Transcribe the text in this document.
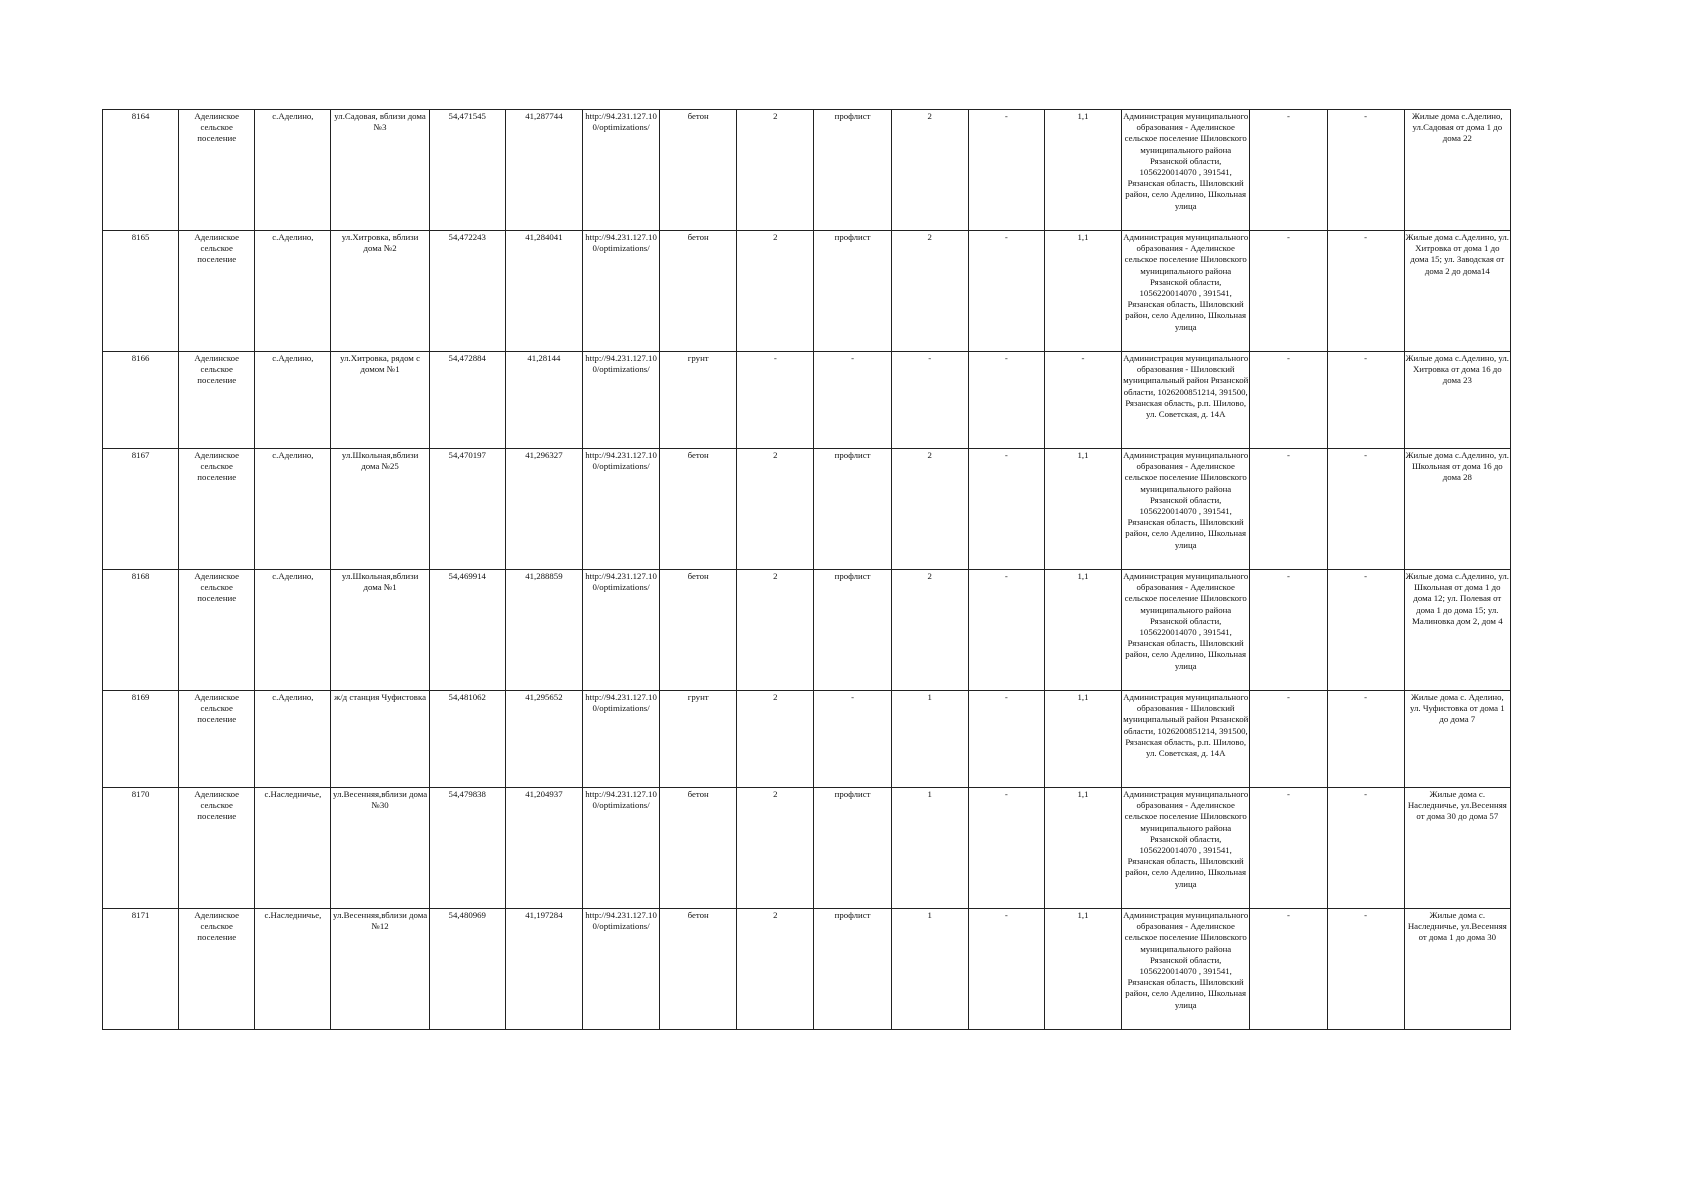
8164	Аделинское сельское поселение	с.Аделино,	ул.Садовая, вблизи дома №3	54,471545	41,287744	http://94.231.127.10 0/optimizations/	бетон	2	профлист	2	-	1,1	Администрация муниципального образования - Аделинское сельское поселение Шиловского муниципального района Рязанской области, 1056220014070 , 391541, Рязанская область, Шиловский район, село Аделино, Школьная улица	-	-	Жилые дома с.Аделино, ул.Садовая от дома 1 до дома 22
8165	Аделинское сельское поселение	с.Аделино,	ул.Хитровка, вблизи дома №2	54,472243	41,284041	http://94.231.127.10 0/optimizations/	бетон	2	профлист	2	-	1,1	Администрация муниципального образования - Аделинское сельское поселение Шиловского муниципального района Рязанской области, 1056220014070 , 391541, Рязанская область, Шиловский район, село Аделино, Школьная улица	-	-	Жилые дома с.Аделино, ул. Хитровка от дома 1 до дома 15; ул. Заводская от дома 2 до дома14
8166	Аделинское сельское поселение	с.Аделино,	ул.Хитровка, рядом с домом №1	54,472884	41,28144	http://94.231.127.10 0/optimizations/	грунт	-	-	-	-	-	Администрация муниципального образования - Шиловский муниципальный район Рязанской области, 1026200851214, 391500, Рязанская область, р.п. Шилово, ул. Советская, д. 14А	-	-	Жилые дома с.Аделино, ул. Хитровка от дома 16 до дома 23
8167	Аделинское сельское поселение	с.Аделино,	ул.Школьная,вблизи дома №25	54,470197	41,296327	http://94.231.127.10 0/optimizations/	бетон	2	профлист	2	-	1,1	Администрация муниципального образования - Аделинское сельское поселение Шиловского муниципального района Рязанской области, 1056220014070 , 391541, Рязанская область, Шиловский район, село Аделино, Школьная улица	-	-	Жилые дома с.Аделино, ул. Школьная от дома 16 до дома 28
8168	Аделинское сельское поселение	с.Аделино,	ул.Школьная,вблизи дома №1	54,469914	41,288859	http://94.231.127.10 0/optimizations/	бетон	2	профлист	2	-	1,1	Администрация муниципального образования - Аделинское сельское поселение Шиловского муниципального района Рязанской области, 1056220014070 , 391541, Рязанская область, Шиловский район, село Аделино, Школьная улица	-	-	Жилые дома с.Аделино, ул. Школьная от дома 1 до дома 12; ул. Полевая от дома 1 до дома 15; ул. Малиновка дом 2, дом 4
8169	Аделинское сельское поселение	с.Аделино,	ж/д станция Чуфистовка	54,481062	41,295652	http://94.231.127.10 0/optimizations/	грунт	2	-	1	-	1,1	Администрация муниципального образования - Шиловский муниципальный район Рязанской области, 1026200851214, 391500, Рязанская область, р.п. Шилово, ул. Советская, д. 14А	-	-	Жилые дома с. Аделино, ул. Чуфистовка от дома 1 до дома 7
8170	Аделинское сельское поселение	с.Наследничье,	ул.Весенняя,вблизи дома №30	54,479838	41,204937	http://94.231.127.10 0/optimizations/	бетон	2	профлист	1	-	1,1	Администрация муниципального образования - Аделинское сельское поселение Шиловского муниципального района Рязанской области, 1056220014070 , 391541, Рязанская область, Шиловский район, село Аделино, Школьная улица	-	-	Жилые дома с. Наследничье, ул.Весенняя от дома 30 до дома 57
8171	Аделинское сельское поселение	с.Наследничье,	ул.Весенняя,вблизи дома №12	54,480969	41,197284	http://94.231.127.10 0/optimizations/	бетон	2	профлист	1	-	1,1	Администрация муниципального образования - Аделинское сельское поселение Шиловского муниципального района Рязанской области, 1056220014070 , 391541, Рязанская область, Шиловский район, село Аделино, Школьная улица	-	-	Жилые дома с. Наследничье, ул.Весенняя от дома 1 до дома 30
